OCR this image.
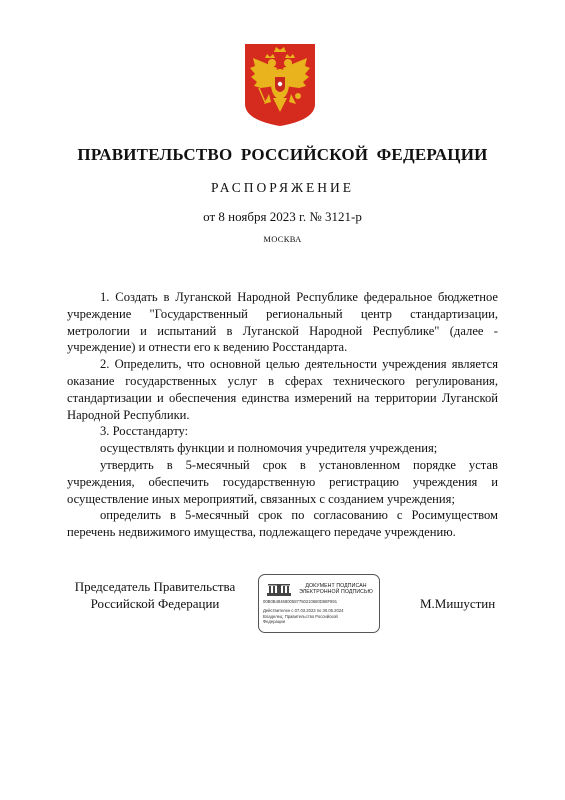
ПРАВИТЕЛЬСТВО РОССИЙСКОЙ ФЕДЕРАЦИИ
РАСПОРЯЖЕНИЕ
от 8 ноября 2023 г. № 3121-р
МОСКВА

1. Создать в Луганской Народной Республике федеральное бюджетное учреждение "Государственный региональный центр стандартизации, метрологии и испытаний в Луганской Народной Республике" (далее - учреждение) и отнести его к ведению Росстандарта.

2. Определить, что основной целью деятельности учреждения является оказание государственных услуг в сферах технического регулирования, стандартизации и обеспечения единства измерений на территории Луганской Народной Республики.

3. Росстандарту:

осуществлять функции и полномочия учредителя учреждения;

утвердить в 5-месячный срок в установленном порядке устав учреждения, обеспечить государственную регистрацию учреждения и осуществление иных мероприятий, связанных с созданием учреждения;

определить в 5-месячный срок по согласованию с Росимуществом перечень недвижимого имущества, подлежащего передаче учреждению.

Председатель Правительства
Российской Федерации
ДОКУМЕНТ ПОДПИСАН
ЭЛЕКТРОННОЙ ПОДПИСЬЮ
00B0B4846800587750210680D68F891
Действителен с 07.03.2023 по 30.05.2024
Владелец: Правительство Российской
Федерации
М.Мишустин
